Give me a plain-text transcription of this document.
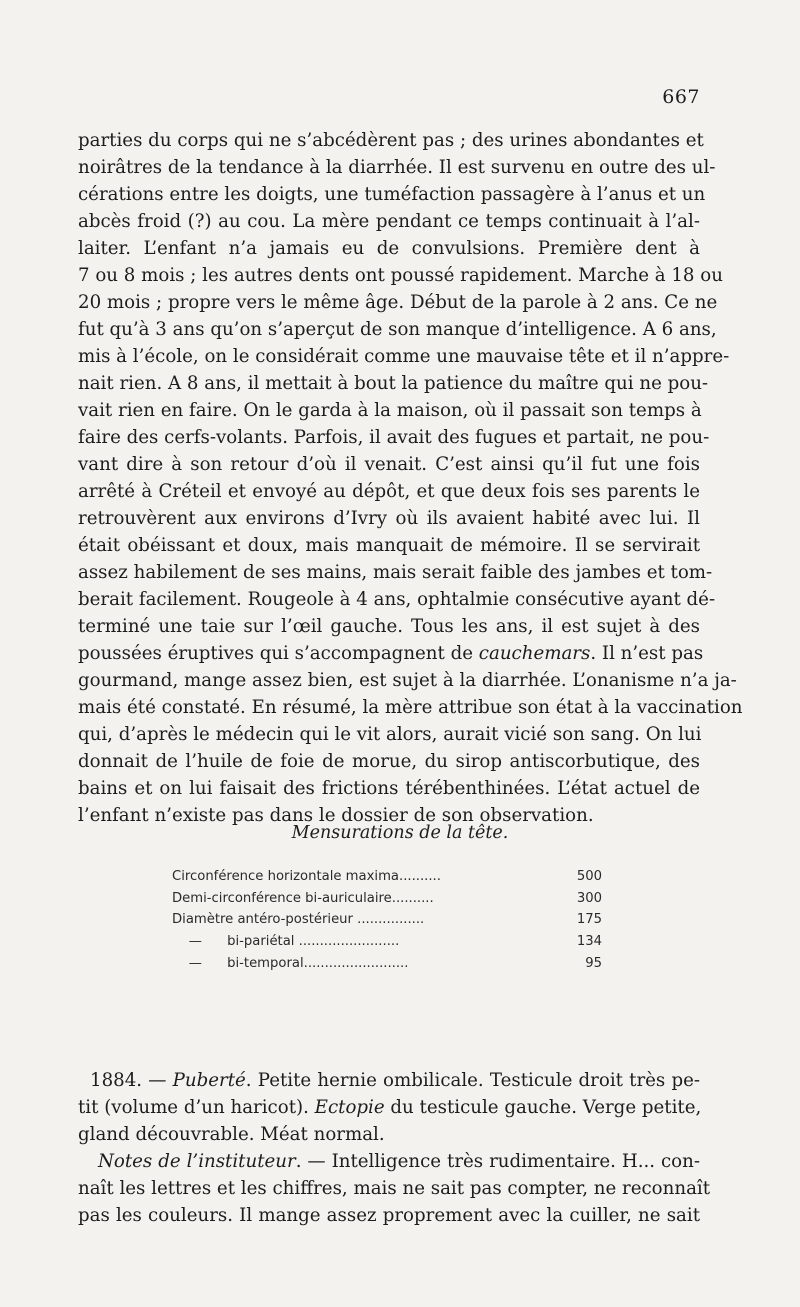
667
parties du corps qui ne s’abcédèrent pas ; des urines abondantes et
noirâtres de la tendance à la diarrhée. Il est survenu en outre des ul-
cérations entre les doigts, une tuméfaction passagère à l’anus et un
abcès froid (?) au cou. La mère pendant ce temps continuait à l’al-
laiter. L’enfant n’a jamais eu de convulsions. Première dent à
7 ou 8 mois ; les autres dents ont poussé rapidement. Marche à 18 ou
20 mois ; propre vers le même âge. Début de la parole à 2 ans. Ce ne
fut qu’à 3 ans qu’on s’aperçut de son manque d’intelligence. A 6 ans,
mis à l’école, on le considérait comme une mauvaise tête et il n’appre-
nait rien. A 8 ans, il mettait à bout la patience du maître qui ne pou-
vait rien en faire. On le garda à la maison, où il passait son temps à
faire des cerfs-volants. Parfois, il avait des fugues et partait, ne pou-
vant dire à son retour d’où il venait. C’est ainsi qu’il fut une fois
arrêté à Créteil et envoyé au dépôt, et que deux fois ses parents le
retrouvèrent aux environs d’Ivry où ils avaient habité avec lui. Il
était obéissant et doux, mais manquait de mémoire. Il se servirait
assez habilement de ses mains, mais serait faible des jambes et tom-
berait facilement. Rougeole à 4 ans, ophtalmie consécutive ayant dé-
terminé une taie sur l’œil gauche. Tous les ans, il est sujet à des
poussées éruptives qui s’accompagnent de cauchemars. Il n’est pas
gourmand, mange assez bien, est sujet à la diarrhée. L’onanisme n’a ja-
mais été constaté. En résumé, la mère attribue son état à la vaccination
qui, d’après le médecin qui le vit alors, aurait vicié son sang. On lui
donnait de l’huile de foie de morue, du sirop antiscorbutique, des
bains et on lui faisait des frictions térébenthinées. L’état actuel de
l’enfant n’existe pas dans le dossier de son observation.
Mensurations de la tête.
Circonférence horizontale maxima..........	500
Demi-circonférence bi-auriculaire..........	300
Diamètre antéro-postérieur ................	175
—      bi-pariétal ........................	134
—      bi-temporal.........................	95
1884. — Puberté. Petite hernie ombilicale. Testicule droit très pe-
tit (volume d’un haricot). Ectopie du testicule gauche. Verge petite,
gland découvrable. Méat normal.
Notes de l’instituteur. — Intelligence très rudimentaire. H... con-
naît les lettres et les chiffres, mais ne sait pas compter, ne reconnaît
pas les couleurs. Il mange assez proprement avec la cuiller, ne sait
